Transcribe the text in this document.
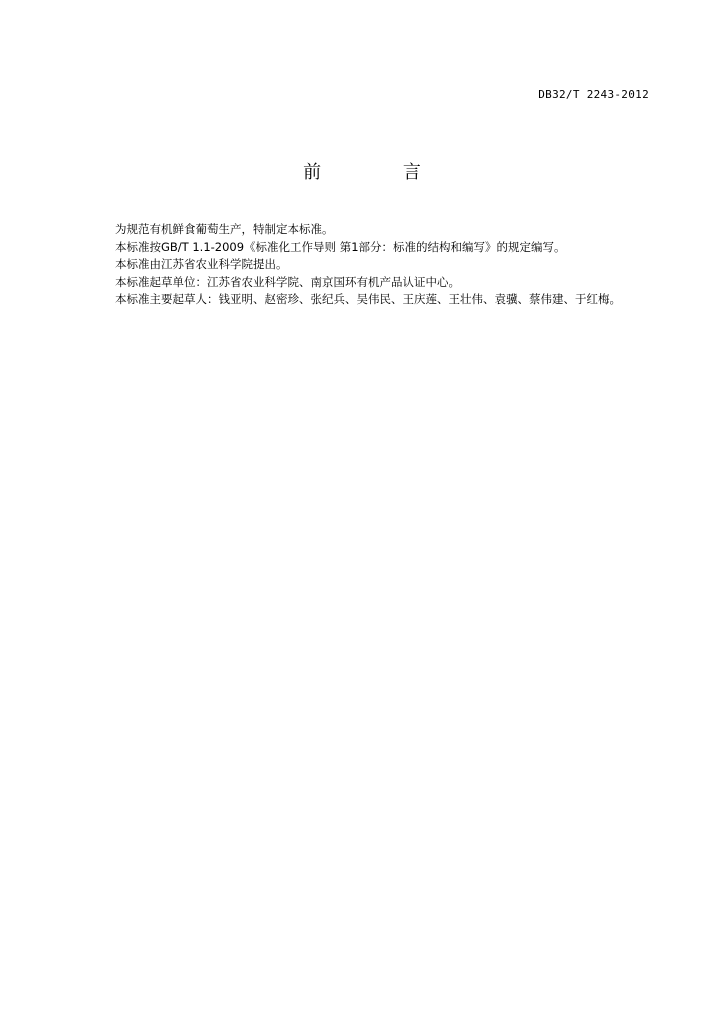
DB32/T 2243-2012
前 言
为规范有机鲜食葡萄生产，特制定本标准。
本标准按GB/T 1.1-2009《标准化工作导则 第1部分：标准的结构和编写》的规定编写。
本标准由江苏省农业科学院提出。
本标准起草单位：江苏省农业科学院、南京国环有机产品认证中心。
本标准主要起草人：钱亚明、赵密珍、张纪兵、吴伟民、王庆莲、王壮伟、袁骥、蔡伟建、于红梅。
